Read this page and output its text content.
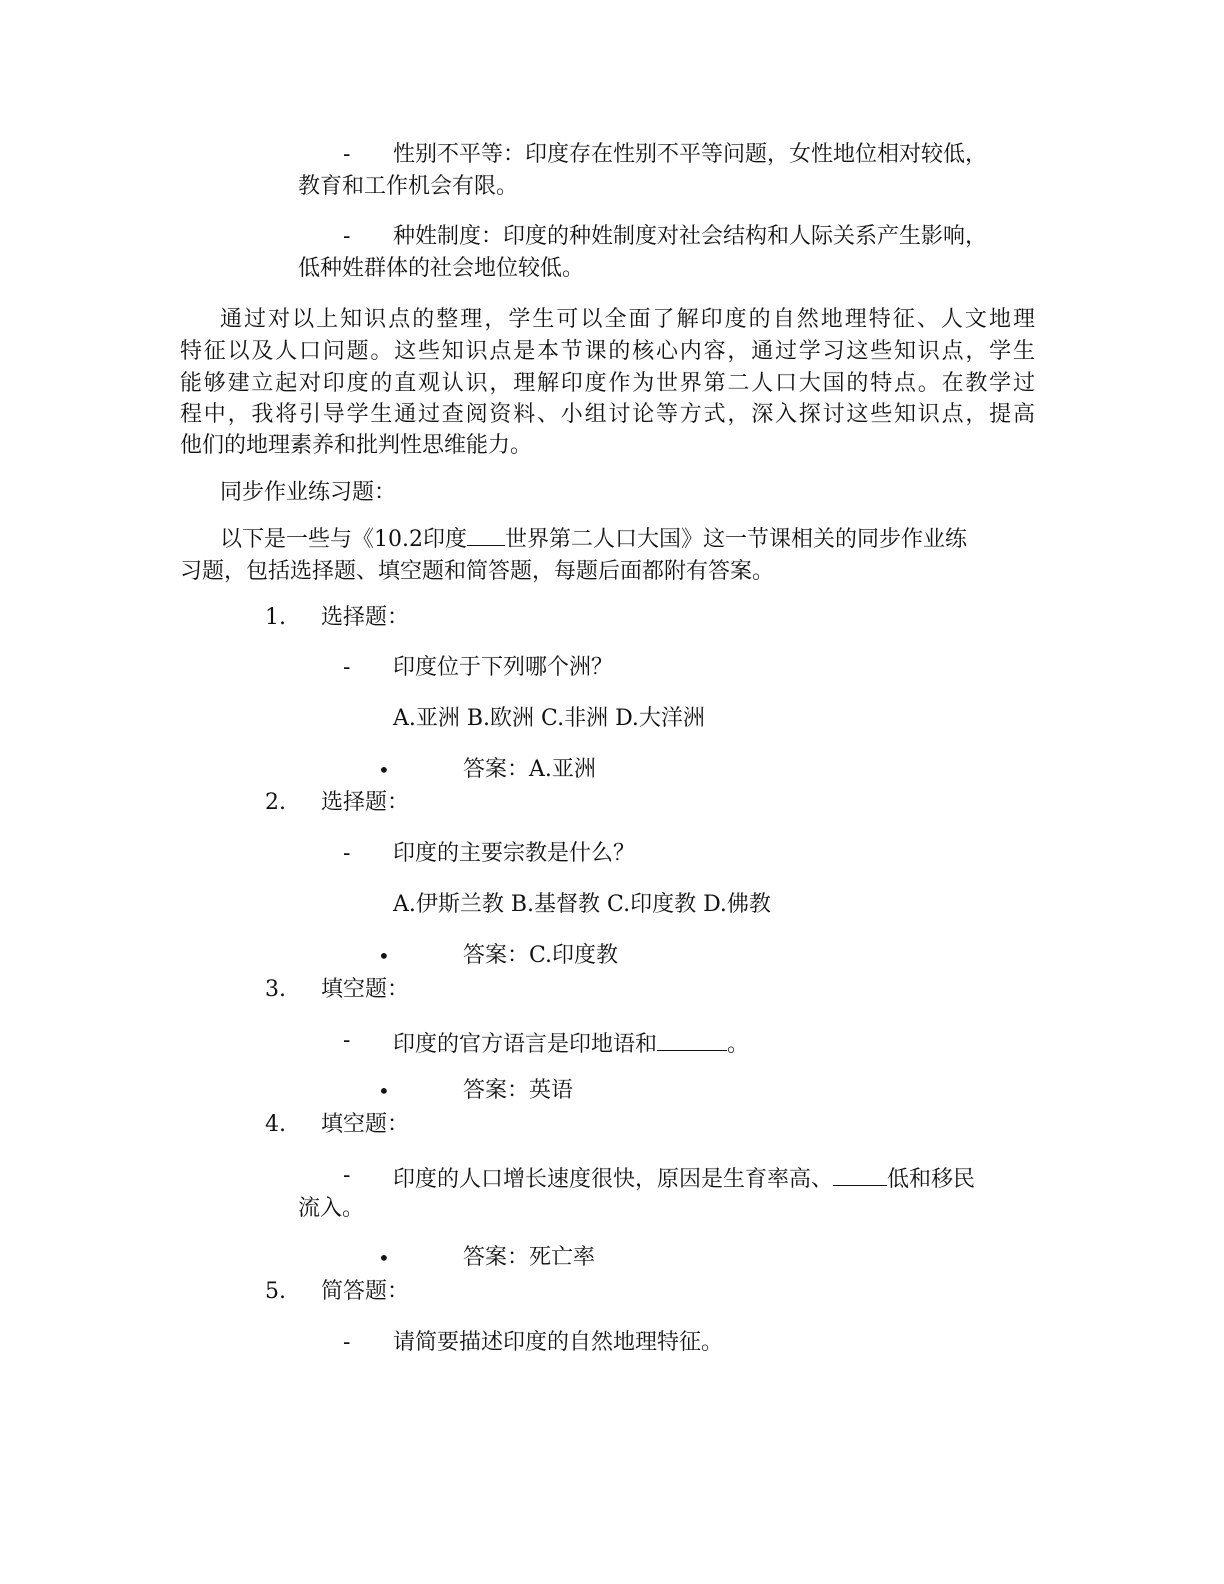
- 性别不平等：印度存在性别不平等问题，女性地位相对较低，
教育和工作机会有限。
- 种姓制度：印度的种姓制度对社会结构和人际关系产生影响，
低种姓群体的社会地位较低。
通过对以上知识点的整理，学生可以全面了解印度的自然地理特征、人文地理
特征以及人口问题。这些知识点是本节课的核心内容，通过学习这些知识点，学生
能够建立起对印度的直观认识，理解印度作为世界第二人口大国的特点。在教学过
程中，我将引导学生通过查阅资料、小组讨论等方式，深入探讨这些知识点，提高
他们的地理素养和批判性思维能力。
同步作业练习题：
以下是一些与《10.2印度 世界第二人口大国》这一节课相关的同步作业练
习题，包括选择题、填空题和简答题，每题后面都附有答案。
1. 选择题：
- 印度位于下列哪个洲？
A.亚洲 B.欧洲 C.非洲 D.大洋洲
•	答案：A.亚洲
2. 选择题：
- 印度的主要宗教是什么？
A.伊斯兰教 B.基督教 C.印度教 D.佛教
•	答案：C.印度教
3. 填空题：
- 印度的官方语言是印地语和	。
•	答案：英语
4. 填空题：
- 印度的人口增长速度很快，原因是生育率高、 低和移民
流入。
•	答案：死亡率
5. 简答题：
- 请简要描述印度的自然地理特征。
